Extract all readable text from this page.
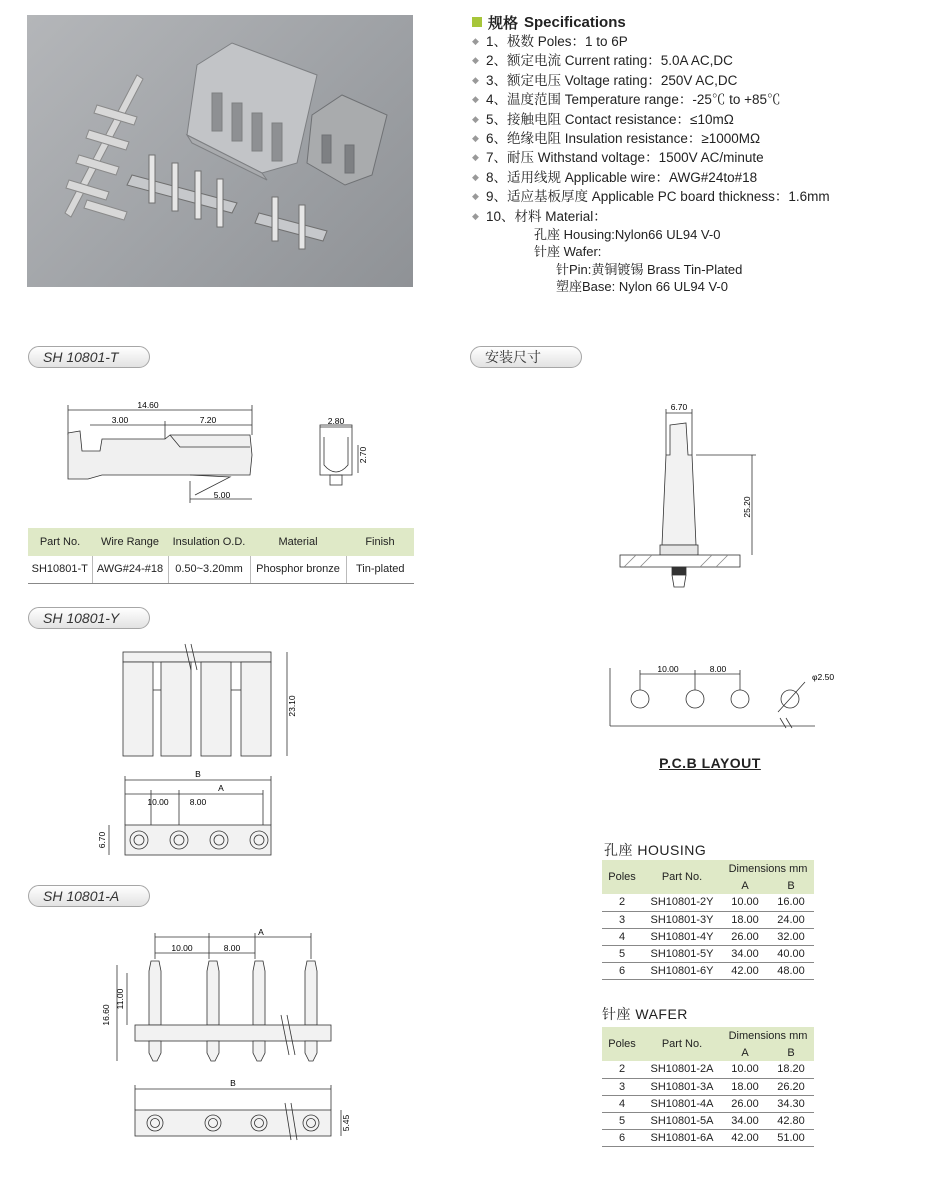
规格 Specifications
◆ 1、极数 Poles：1 to 6P
◆ 2、额定电流 Current rating：5.0A AC,DC
◆ 3、额定电压 Voltage rating：250V AC,DC
◆ 4、温度范围 Temperature range：-25℃ to +85℃
◆ 5、接触电阻 Contact resistance：≤10mΩ
◆ 6、绝缘电阻 Insulation resistance：≥1000MΩ
◆ 7、耐压 Withstand voltage：1500V AC/minute
◆ 8、适用线规 Applicable wire：AWG#24to#18
◆ 9、适应基板厚度 Applicable PC board thickness：1.6mm
◆ 10、材料 Material：
孔座 Housing:Nylon66 UL94 V-0
针座 Wafer:
针Pin:黄铜镀锡 Brass Tin-Plated
塑座Base: Nylon 66 UL94 V-0
SH 10801-T	安装尺寸
SH 10801-Y
SH 10801-A
14.60
3.00	7.20
5.00
2.80
2.70
Part No.	Wire Range	Insulation O.D.	Material	Finish
SH10801-T	AWG#24-#18	0.50~3.20mm	Phosphor bronze	Tin-plated
6.70
25.20
10.00	8.00
φ2.50
P.C.B LAYOUT
23.10
B
A
10.00 8.00
6.70
A
10.00	8.00
16.60
11.00
B
5.45
孔座 HOUSING
Poles	Part No.	Dimensions mm	
		A	B
2	SH10801-2Y	10.00	16.00
3	SH10801-3Y	18.00	24.00
4	SH10801-4Y	26.00	32.00
5	SH10801-5Y	34.00	40.00
6	SH10801-6Y	42.00	48.00
针座 WAFER
Poles	Part No.	Dimensions mm	
		A	B
2	SH10801-2A	10.00	18.20
3	SH10801-3A	18.00	26.20
4	SH10801-4A	26.00	34.30
5	SH10801-5A	34.00	42.80
6	SH10801-6A	42.00	51.00
